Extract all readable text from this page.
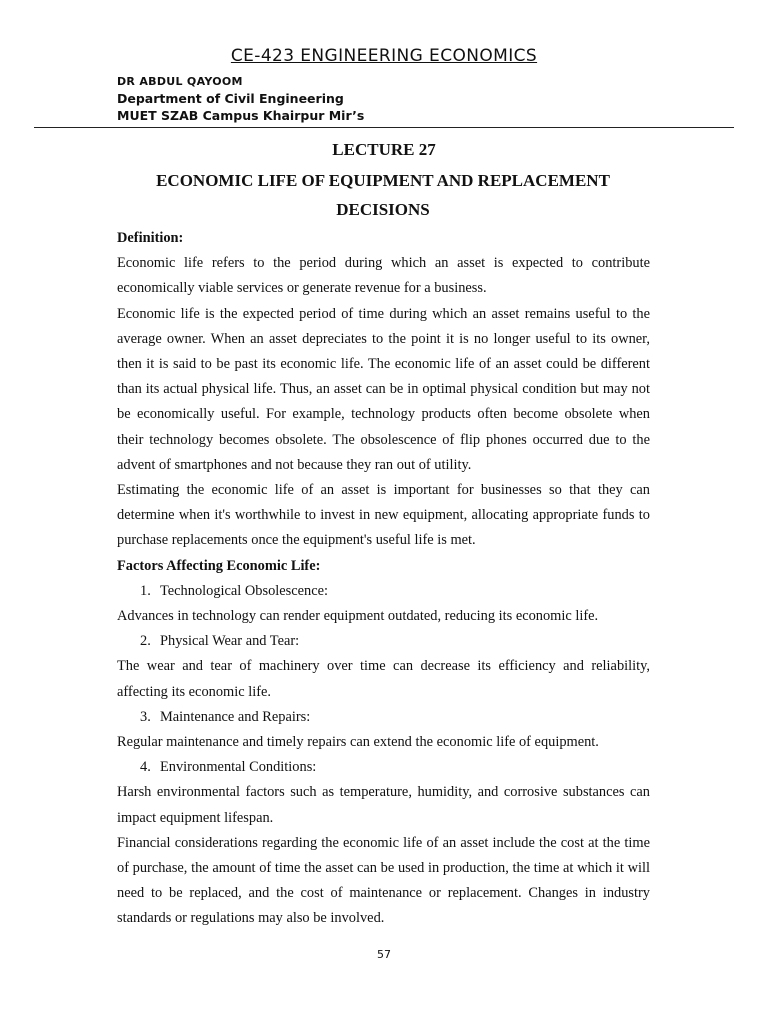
CE-423 ENGINEERING ECONOMICS
DR ABDUL QAYOOM
Department of Civil Engineering
MUET SZAB Campus Khairpur Mir’s
LECTURE 27
ECONOMIC LIFE OF EQUIPMENT AND REPLACEMENT DECISIONS

Definition:

Economic life refers to the period during which an asset is expected to contribute economically viable services or generate revenue for a business.

Economic life is the expected period of time during which an asset remains useful to the average owner. When an asset depreciates to the point it is no longer useful to its owner, then it is said to be past its economic life. The economic life of an asset could be different than its actual physical life. Thus, an asset can be in optimal physical condition but may not be economically useful. For example, technology products often become obsolete when their technology becomes obsolete. The obsolescence of flip phones occurred due to the advent of smartphones and not because they ran out of utility.

Estimating the economic life of an asset is important for businesses so that they can determine when it's worthwhile to invest in new equipment, allocating appropriate funds to purchase replacements once the equipment's useful life is met.

Factors Affecting Economic Life:

1. Technological Obsolescence:

Advances in technology can render equipment outdated, reducing its economic life.

2. Physical Wear and Tear:

The wear and tear of machinery over time can decrease its efficiency and reliability, affecting its economic life.

3. Maintenance and Repairs:

Regular maintenance and timely repairs can extend the economic life of equipment.

4. Environmental Conditions:

Harsh environmental factors such as temperature, humidity, and corrosive substances can impact equipment lifespan.

Financial considerations regarding the economic life of an asset include the cost at the time of purchase, the amount of time the asset can be used in production, the time at which it will need to be replaced, and the cost of maintenance or replacement. Changes in industry standards or regulations may also be involved.

57
